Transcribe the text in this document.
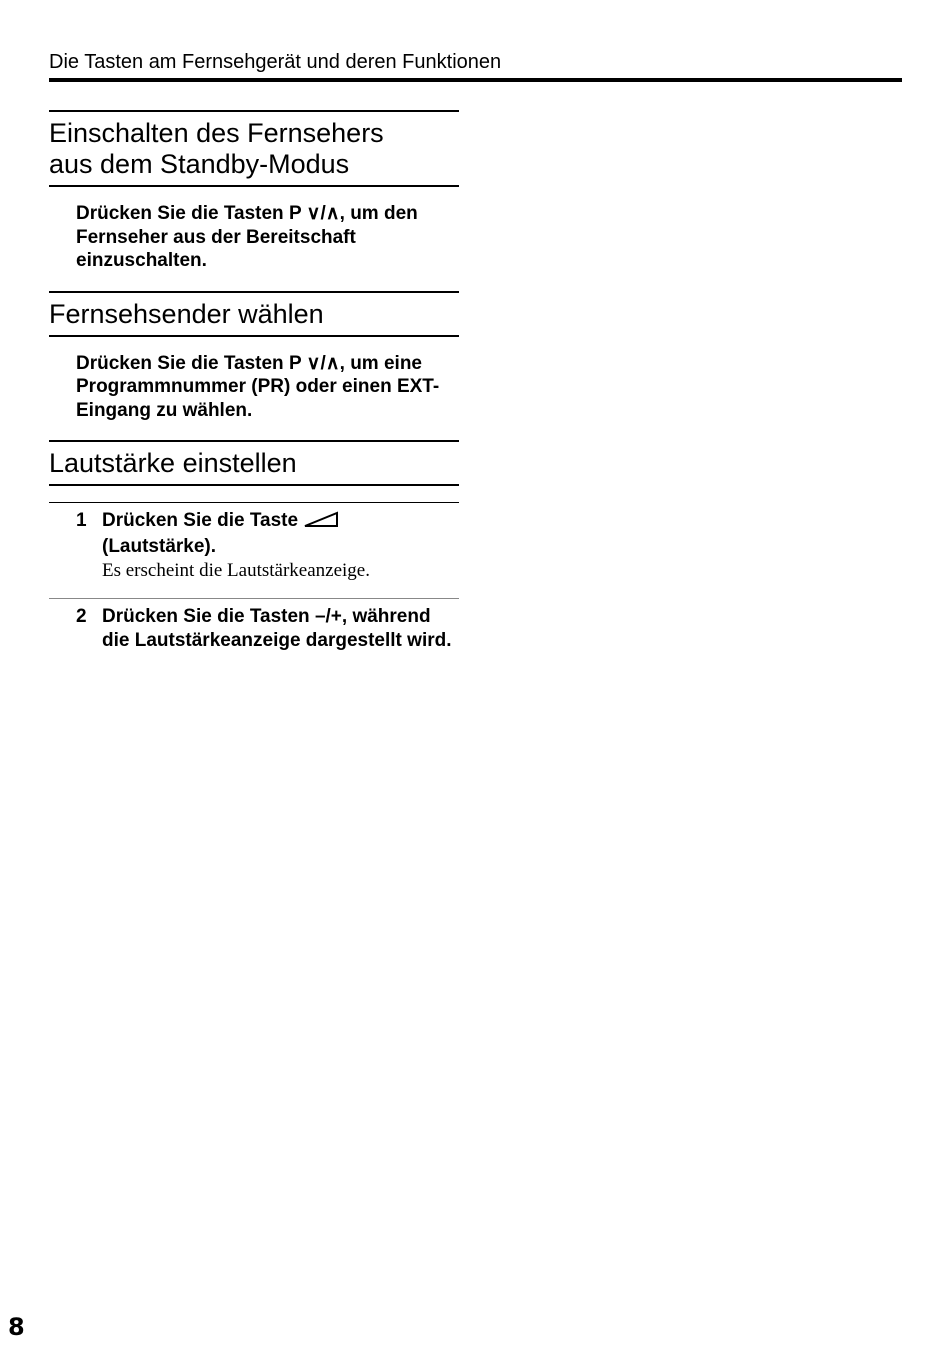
Die Tasten am Fernsehgerät und deren Funktionen
Einschalten des Fernsehers
aus dem Standby-Modus
Drücken Sie die Tasten P ∨/∧, um den Fernseher aus der Bereitschaft einzuschalten.
Fernsehsender wählen
Drücken Sie die Tasten P ∨/∧, um eine Programmnummer (PR) oder einen EXT-Eingang zu wählen.
Lautstärke einstellen
1 Drücken Sie die Taste
(Lautstärke).
Es erscheint die Lautstärkeanzeige.
2 Drücken Sie die Tasten –/+, während die Lautstärkeanzeige dargestellt wird.
8
